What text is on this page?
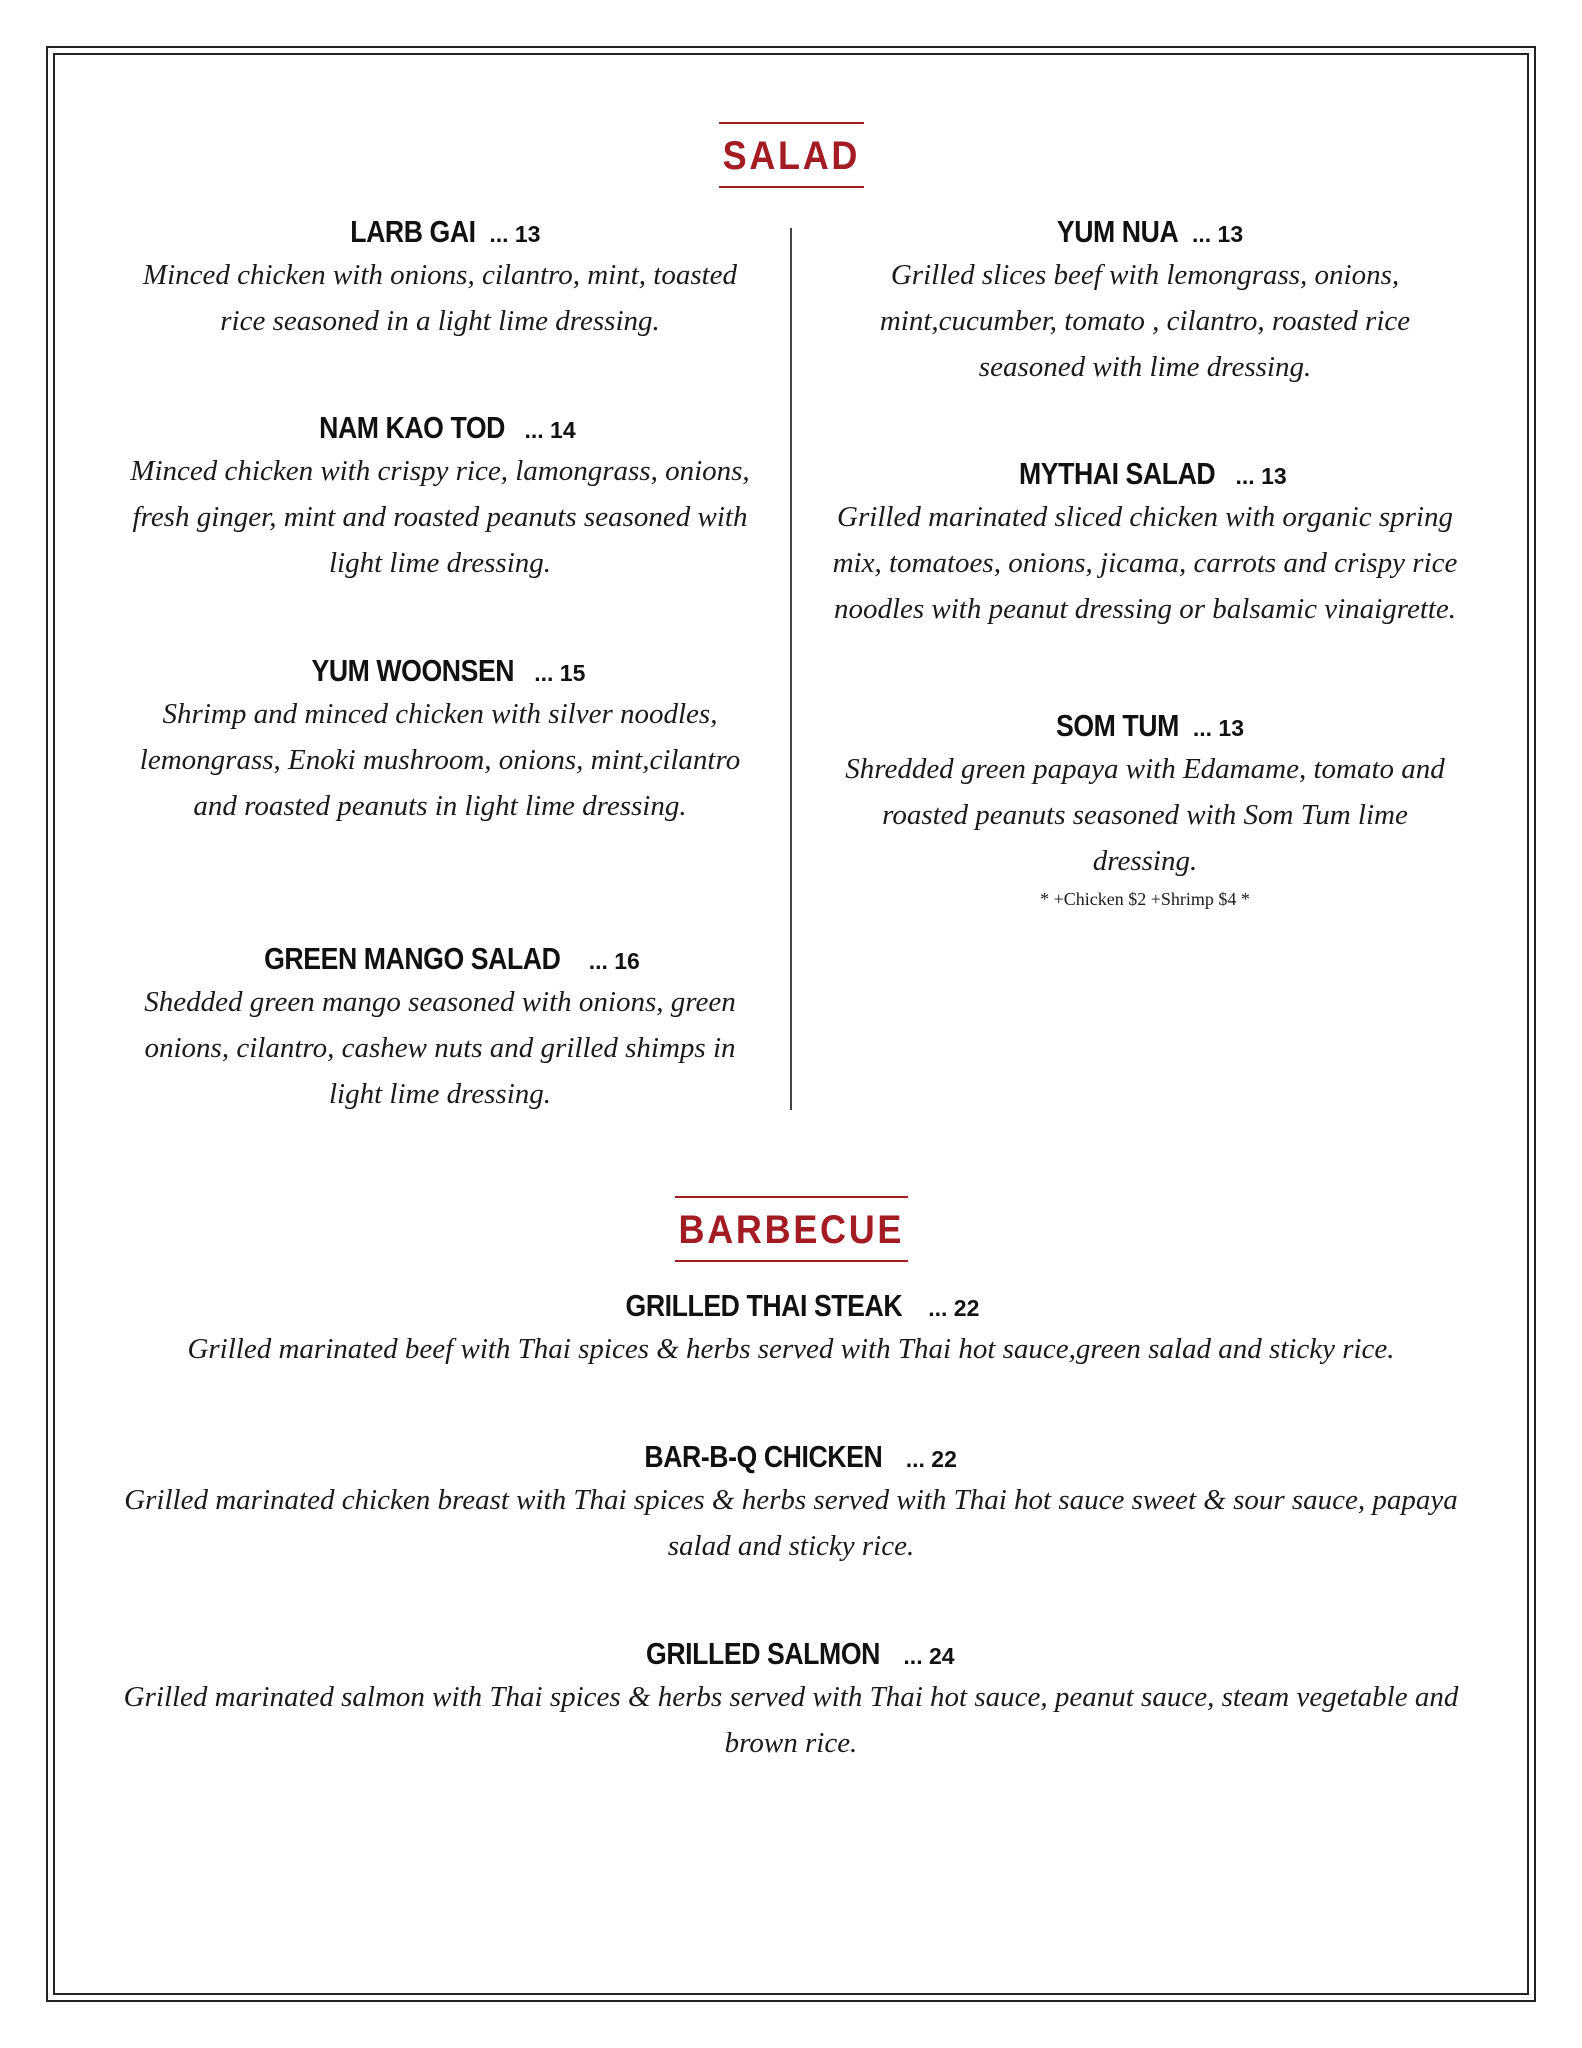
SALAD
LARB GAI ... 13
Minced chicken with onions, cilantro, mint, toasted rice seasoned in a light lime dressing.
NAM KAO TOD ... 14
Minced chicken with crispy rice, lamongrass, onions, fresh ginger, mint and roasted peanuts seasoned with light lime dressing.
YUM WOONSEN ... 15
Shrimp and minced chicken with silver noodles, lemongrass, Enoki mushroom, onions, mint,cilantro and roasted peanuts in light lime dressing.
GREEN MANGO SALAD ... 16
Shedded green mango seasoned with onions, green onions, cilantro, cashew nuts and grilled shimps in light lime dressing.
YUM NUA ... 13
Grilled slices beef with lemongrass, onions, mint,cucumber, tomato , cilantro, roasted rice seasoned with lime dressing.
MYTHAI SALAD ... 13
Grilled marinated sliced chicken with organic spring mix, tomatoes, onions, jicama, carrots and crispy rice noodles with peanut dressing or balsamic vinaigrette.
SOM TUM ... 13
Shredded green papaya with Edamame, tomato and roasted peanuts seasoned with Som Tum lime dressing.
* +Chicken $2 +Shrimp $4 *
BARBECUE
GRILLED THAI STEAK ... 22
Grilled marinated beef with Thai spices & herbs served with Thai hot sauce,green salad and sticky rice.
BAR-B-Q CHICKEN ... 22
Grilled marinated chicken breast with Thai spices & herbs served with Thai hot sauce sweet & sour sauce, papaya salad and sticky rice.
GRILLED SALMON ... 24
Grilled marinated salmon with Thai spices & herbs served with Thai hot sauce, peanut sauce, steam vegetable and brown rice.
